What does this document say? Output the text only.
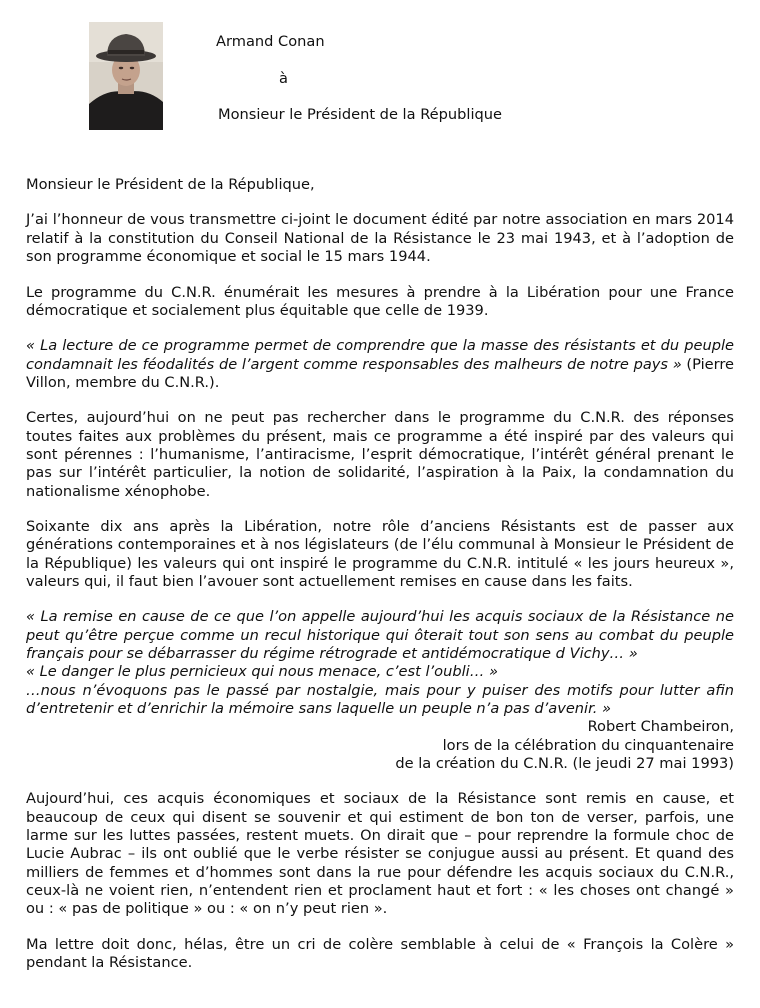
Armand Conan
à
Monsieur le Président de la République

Monsieur le Président de la République,

J’ai l’honneur de vous transmettre ci-joint le document édité par notre association en mars 2014 relatif à la constitution du Conseil National de la Résistance le 23 mai 1943, et à l’adoption de son programme économique et social le 15 mars 1944.

Le programme du C.N.R. énumérait les mesures à prendre à la Libération pour une France démocratique et socialement plus équitable que celle de 1939.

« La lecture de ce programme permet de comprendre que la masse des résistants et du peuple condamnait les féodalités de l’argent comme responsables des malheurs de notre pays » (Pierre Villon, membre du C.N.R.).

Certes, aujourd’hui on ne peut pas rechercher dans le programme du C.N.R. des réponses toutes faites aux problèmes du présent, mais ce programme a été inspiré par des valeurs qui sont pérennes : l’humanisme, l’antiracisme, l’esprit démocratique, l’intérêt général prenant le pas sur l’intérêt particulier, la notion de solidarité, l’aspiration à la Paix, la condamnation du nationalisme xénophobe.

Soixante dix ans après la Libération, notre rôle d’anciens Résistants est de passer aux générations contemporaines et à nos législateurs (de l’élu communal à Monsieur le Président de la République) les valeurs qui ont inspiré le programme du C.N.R. intitulé « les jours heureux », valeurs qui, il faut bien l’avouer sont actuellement remises en cause dans les faits.

« La remise en cause de ce que l’on appelle aujourd’hui les acquis sociaux de la Résistance ne peut qu’être perçue comme un recul historique qui ôterait tout son sens au combat du peuple français pour se débarrasser du régime rétrograde et antidémocratique d Vichy… »

« Le danger le plus pernicieux qui nous menace, c’est l’oubli… »

…nous n’évoquons pas le passé par nostalgie, mais pour y puiser des motifs pour lutter afin d’entretenir et d’enrichir la mémoire sans laquelle un peuple n’a pas d’avenir. »

Robert Chambeiron,
lors de la célébration du cinquantenaire
de la création du C.N.R. (le jeudi 27 mai 1993)

Aujourd’hui, ces acquis économiques et sociaux de la Résistance sont remis en cause, et beaucoup de ceux qui disent se souvenir et qui estiment de bon ton de verser, parfois, une larme sur les luttes passées, restent muets. On dirait que – pour reprendre la formule choc de Lucie Aubrac – ils ont oublié que le verbe résister se conjugue aussi au présent. Et quand des milliers de femmes et d’hommes sont dans la rue pour défendre les acquis sociaux du C.N.R., ceux-là ne voient rien, n’entendent rien et proclament haut et fort : « les choses ont changé » ou : « pas de politique » ou : « on n’y peut rien ».

Ma lettre doit donc, hélas, être un cri de colère semblable à celui de « François la Colère » pendant la Résistance.
